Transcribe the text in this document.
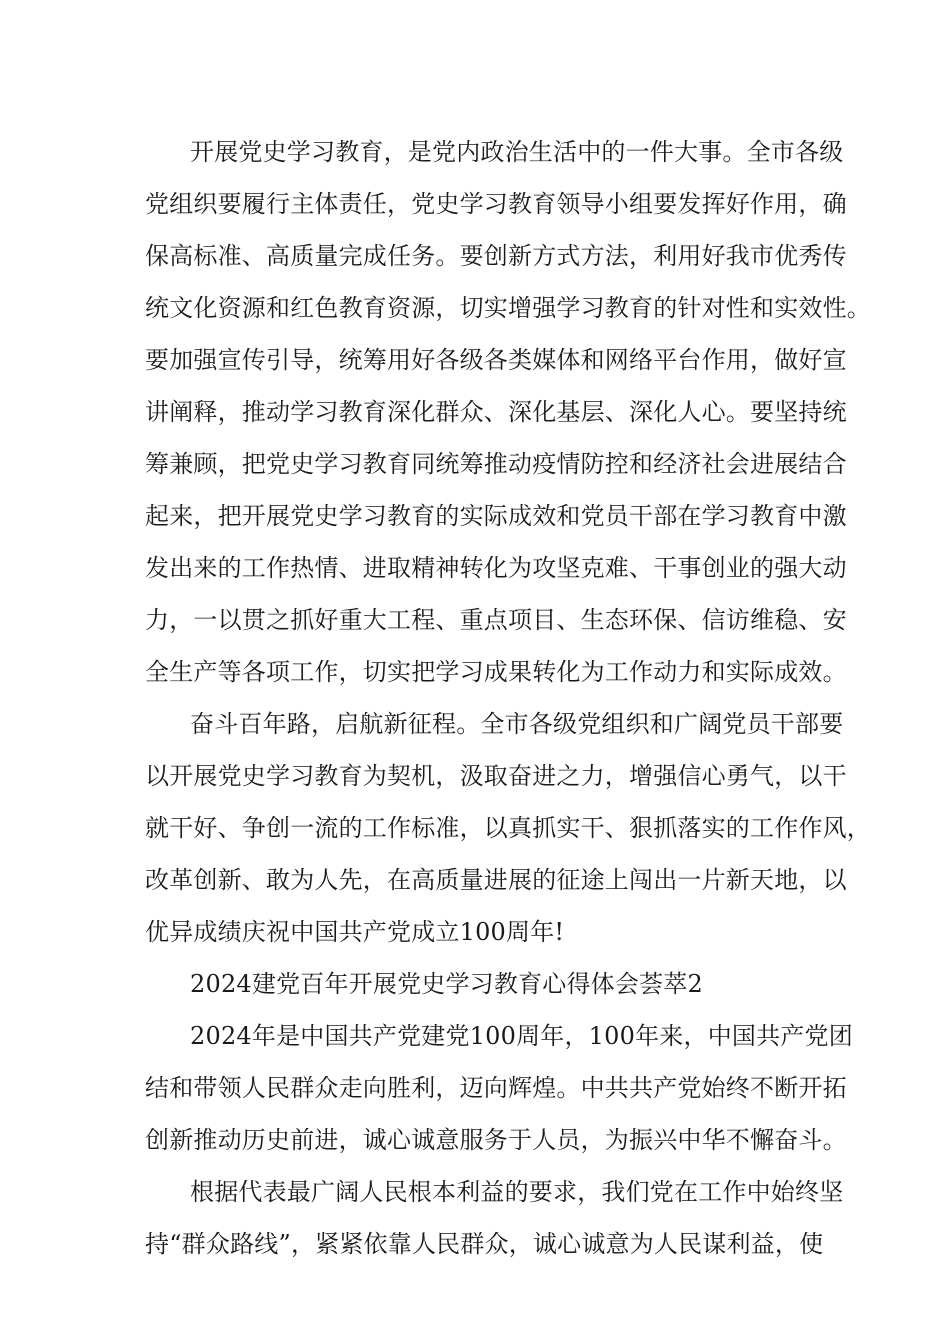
开展党史学习教育，是党内政治生活中的一件大事。全市各级
党组织要履行主体责任，党史学习教育领导小组要发挥好作用，确
保高标准、高质量完成任务。要创新方式方法，利用好我市优秀传
统文化资源和红色教育资源，切实增强学习教育的针对性和实效性。
要加强宣传引导，统筹用好各级各类媒体和网络平台作用，做好宣
讲阐释，推动学习教育深化群众、深化基层、深化人心。要坚持统
筹兼顾，把党史学习教育同统筹推动疫情防控和经济社会进展结合
起来，把开展党史学习教育的实际成效和党员干部在学习教育中激
发出来的工作热情、进取精神转化为攻坚克难、干事创业的强大动
力，一以贯之抓好重大工程、重点项目、生态环保、信访维稳、安
全生产等各项工作，切实把学习成果转化为工作动力和实际成效。
奋斗百年路，启航新征程。全市各级党组织和广阔党员干部要
以开展党史学习教育为契机，汲取奋进之力，增强信心勇气，以干
就干好、争创一流的工作标准，以真抓实干、狠抓落实的工作作风，
改革创新、敢为人先，在高质量进展的征途上闯出一片新天地，以
优异成绩庆祝中国共产党成立100周年!
2024建党百年开展党史学习教育心得体会荟萃2
2024年是中国共产党建党100周年，100年来，中国共产党团
结和带领人民群众走向胜利，迈向辉煌。中共共产党始终不断开拓
创新推动历史前进，诚心诚意服务于人员，为振兴中华不懈奋斗。
根据代表最广阔人民根本利益的要求，我们党在工作中始终坚
持“群众路线”，紧紧依靠人民群众，诚心诚意为人民谋利益，使
